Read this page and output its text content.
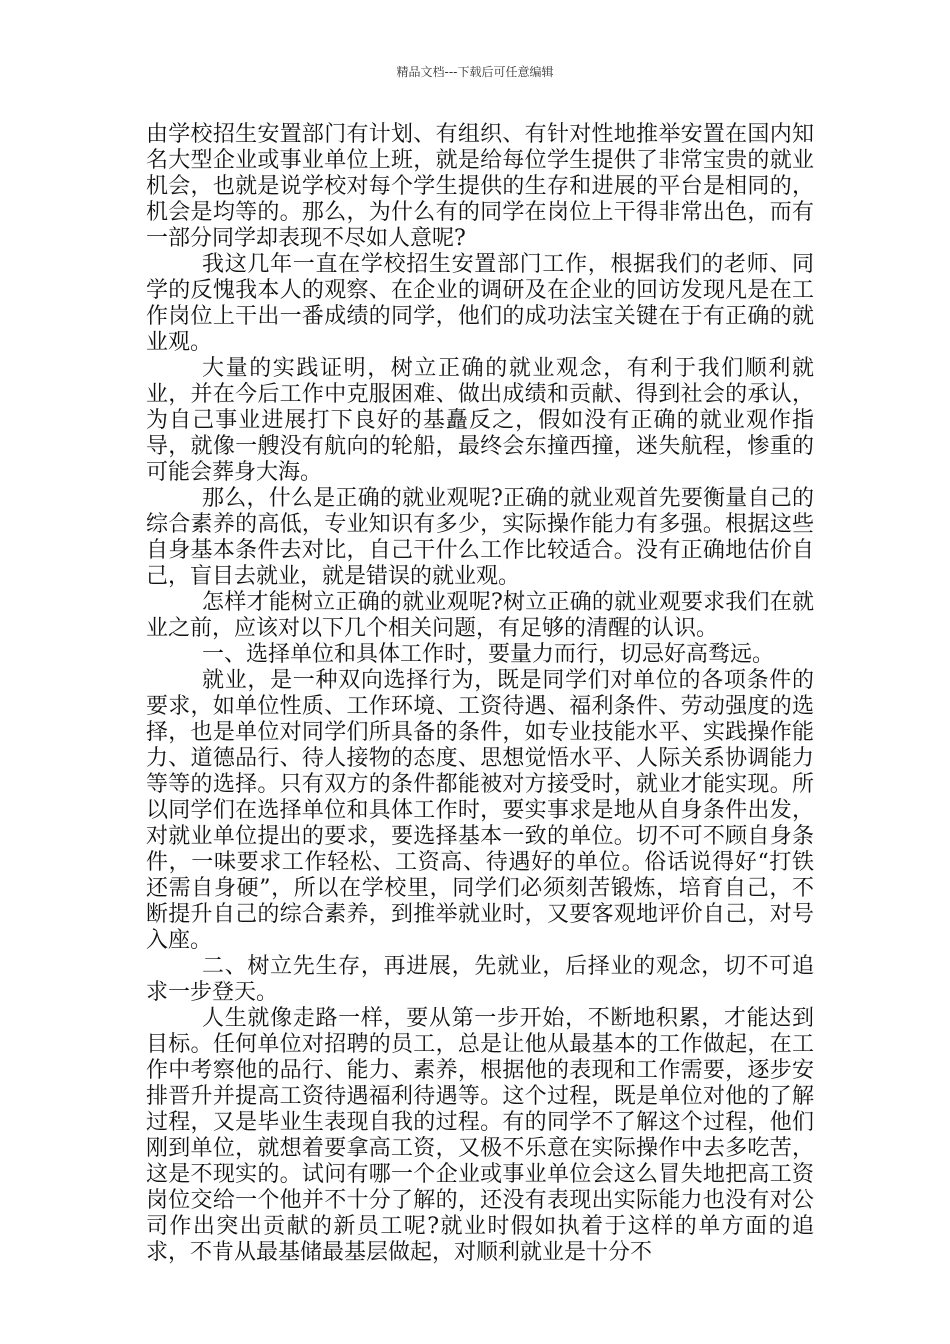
精品文档---下载后可任意编辑

由学校招生安置部门有计划、有组织、有针对性地推举安置在国内知名大型企业或事业单位上班，就是给每位学生提供了非常宝贵的就业机会，也就是说学校对每个学生提供的生存和进展的平台是相同的，机会是均等的。那么，为什么有的同学在岗位上干得非常出色，而有一部分同学却表现不尽如人意呢?

我这几年一直在学校招生安置部门工作，根据我们的老师、同学的反愧我本人的观察、在企业的调研及在企业的回访发现凡是在工作岗位上干出一番成绩的同学，他们的成功法宝关键在于有正确的就业观。

大量的实践证明，树立正确的就业观念，有利于我们顺利就业，并在今后工作中克服困难、做出成绩和贡献、得到社会的承认，为自己事业进展打下良好的基矗反之，假如没有正确的就业观作指导，就像一艘没有航向的轮船，最终会东撞西撞，迷失航程，惨重的可能会葬身大海。

那么，什么是正确的就业观呢?正确的就业观首先要衡量自己的综合素养的高低，专业知识有多少，实际操作能力有多强。根据这些自身基本条件去对比，自己干什么工作比较适合。没有正确地估价自己，盲目去就业，就是错误的就业观。

怎样才能树立正确的就业观呢?树立正确的就业观要求我们在就业之前，应该对以下几个相关问题，有足够的清醒的认识。

一、选择单位和具体工作时，要量力而行，切忌好高骛远。

就业，是一种双向选择行为，既是同学们对单位的各项条件的要求，如单位性质、工作环境、工资待遇、福利条件、劳动强度的选择，也是单位对同学们所具备的条件，如专业技能水平、实践操作能力、道德品行、待人接物的态度、思想觉悟水平、人际关系协调能力等等的选择。只有双方的条件都能被对方接受时，就业才能实现。所以同学们在选择单位和具体工作时，要实事求是地从自身条件出发，对就业单位提出的要求，要选择基本一致的单位。切不可不顾自身条件，一味要求工作轻松、工资高、待遇好的单位。俗话说得好“打铁还需自身硬”，所以在学校里，同学们必须刻苦锻炼，培育自己，不断提升自己的综合素养，到推举就业时，又要客观地评价自己，对号入座。

二、树立先生存，再进展，先就业，后择业的观念，切不可追求一步登天。

人生就像走路一样，要从第一步开始，不断地积累，才能达到目标。任何单位对招聘的员工，总是让他从最基本的工作做起，在工作中考察他的品行、能力、素养，根据他的表现和工作需要，逐步安排晋升并提高工资待遇福利待遇等。这个过程，既是单位对他的了解过程，又是毕业生表现自我的过程。有的同学不了解这个过程，他们刚到单位，就想着要拿高工资，又极不乐意在实际操作中去多吃苦，这是不现实的。试问有哪一个企业或事业单位会这么冒失地把高工资岗位交给一个他并不十分了解的，还没有表现出实际能力也没有对公司作出突出贡献的新员工呢?就业时假如执着于这样的单方面的追求，不肯从最基储最基层做起，对顺利就业是十分不
